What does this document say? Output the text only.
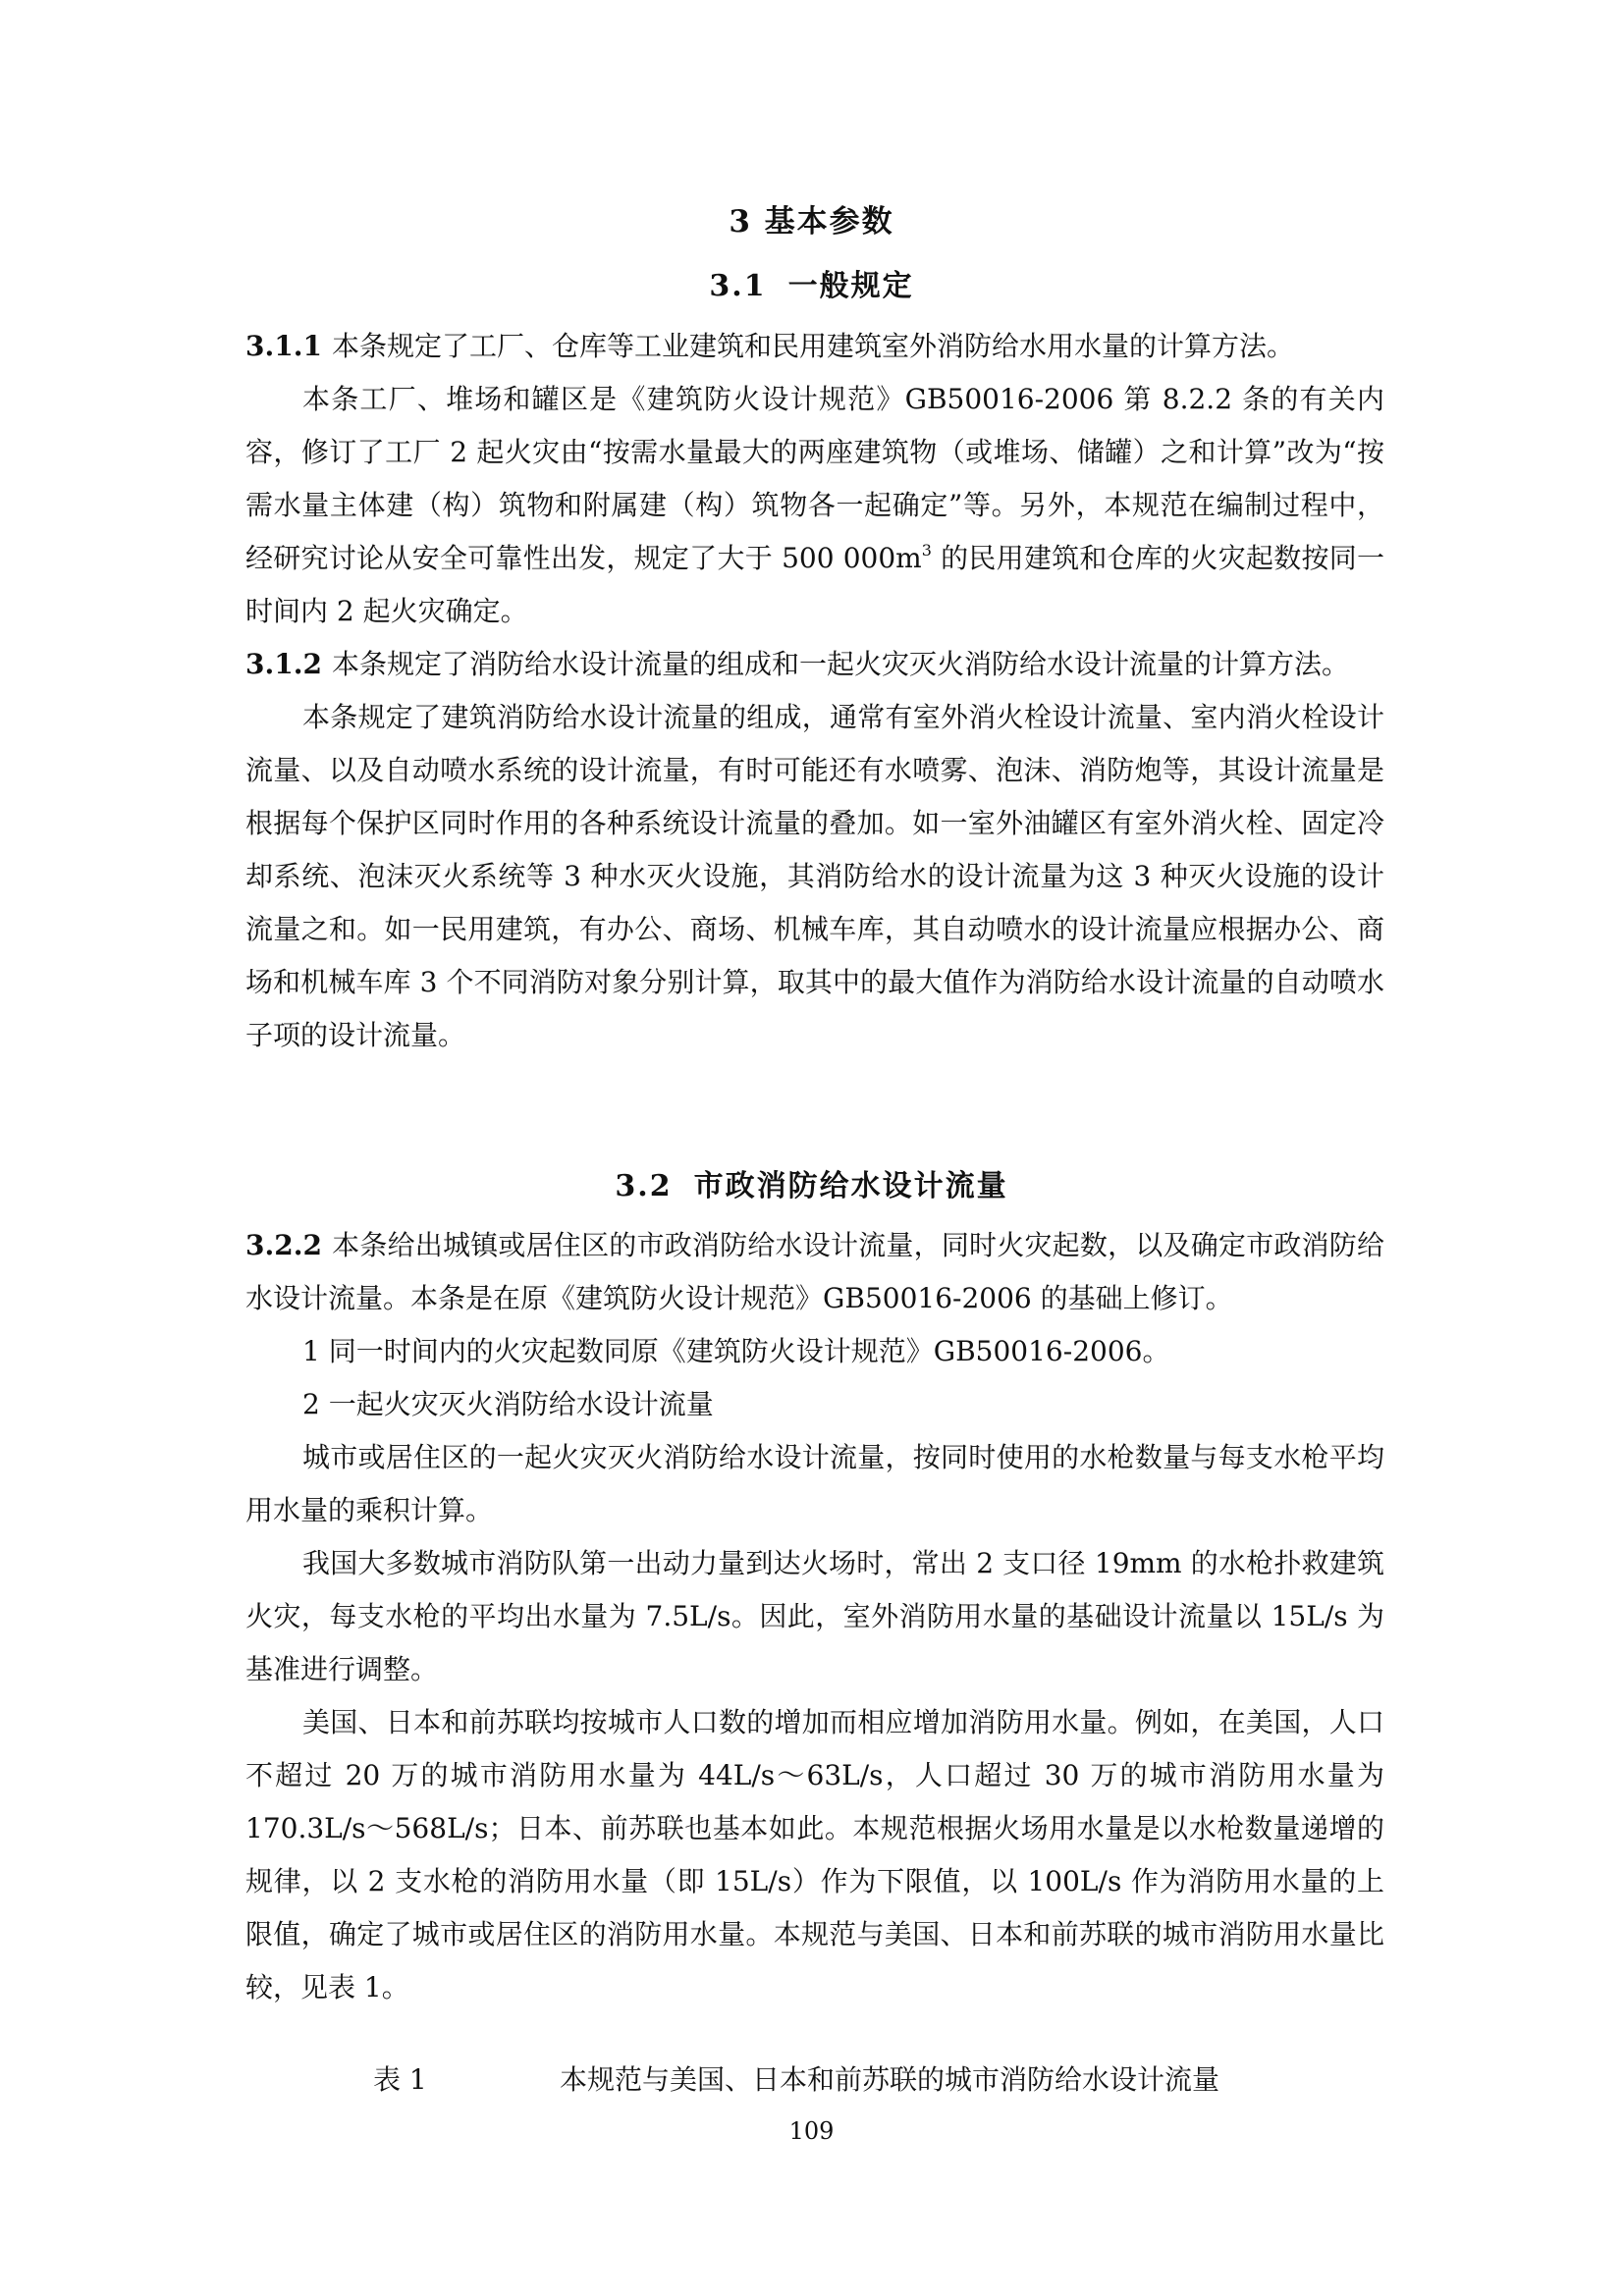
3 基本参数
3.1 一般规定

3.1.1 本条规定了工厂、仓库等工业建筑和民用建筑室外消防给水用水量的计算方法。

本条工厂、堆场和罐区是《建筑防火设计规范》GB50016-2006 第 8.2.2 条的有关内容，修订了工厂 2 起火灾由“按需水量最大的两座建筑物（或堆场、储罐）之和计算”改为“按需水量主体建（构）筑物和附属建（构）筑物各一起确定”等。另外，本规范在编制过程中，经研究讨论从安全可靠性出发，规定了大于 500 $000m^3$ 的民用建筑和仓库的火灾起数按同一时间内 2 起火灾确定。

3.1.2 本条规定了消防给水设计流量的组成和一起火灾灭火消防给水设计流量的计算方法。

本条规定了建筑消防给水设计流量的组成，通常有室外消火栓设计流量、室内消火栓设计流量、以及自动喷水系统的设计流量，有时可能还有水喷雾、泡沫、消防炮等，其设计流量是根据每个保护区同时作用的各种系统设计流量的叠加。如一室外油罐区有室外消火栓、固定冷却系统、泡沫灭火系统等 3 种水灭火设施，其消防给水的设计流量为这 3 种灭火设施的设计流量之和。如一民用建筑，有办公、商场、机械车库，其自动喷水的设计流量应根据办公、商场和机械车库 3 个不同消防对象分别计算，取其中的最大值作为消防给水设计流量的自动喷水子项的设计流量。

3.2 市政消防给水设计流量

3.2.2 本条给出城镇或居住区的市政消防给水设计流量，同时火灾起数，以及确定市政消防给水设计流量。本条是在原《建筑防火设计规范》GB50016-2006 的基础上修订。

1 同一时间内的火灾起数同原《建筑防火设计规范》GB50016-2006。

2 一起火灾灭火消防给水设计流量

城市或居住区的一起火灾灭火消防给水设计流量，按同时使用的水枪数量与每支水枪平均用水量的乘积计算。

我国大多数城市消防队第一出动力量到达火场时，常出 2 支口径 19mm 的水枪扑救建筑火灾，每支水枪的平均出水量为 7.5L/s。因此，室外消防用水量的基础设计流量以 15L/s 为基准进行调整。

美国、日本和前苏联均按城市人口数的增加而相应增加消防用水量。例如，在美国，人口不超过 20 万的城市消防用水量为 44L/s～63L/s，人口超过 30 万的城市消防用水量为 170.3L/s～568L/s；日本、前苏联也基本如此。本规范根据火场用水量是以水枪数量递增的规律，以 2 支水枪的消防用水量（即 15L/s）作为下限值，以 100L/s 作为消防用水量的上限值，确定了城市或居住区的消防用水量。本规范与美国、日本和前苏联的城市消防用水量比较，见表 1。

表 1	本规范与美国、日本和前苏联的城市消防给水设计流量
109
